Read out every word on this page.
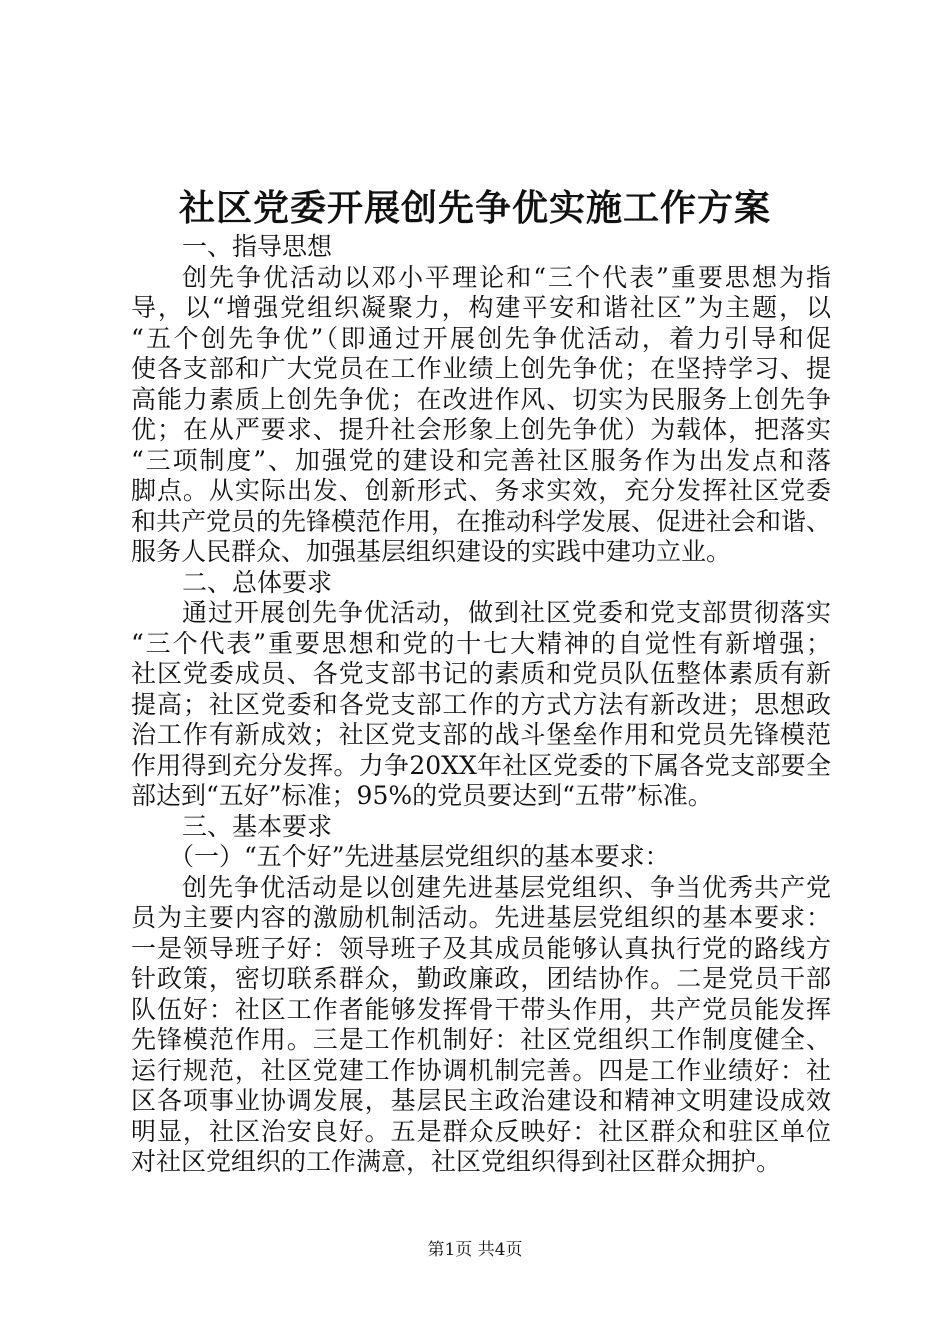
社区党委开展创先争优实施工作方案
一、指导思想
创先争优活动以邓小平理论和“三个代表”重要思想为指
导，以“增强党组织凝聚力，构建平安和谐社区”为主题，以
“五个创先争优”（即通过开展创先争优活动，着力引导和促
使各支部和广大党员在工作业绩上创先争优；在坚持学习、提
高能力素质上创先争优；在改进作风、切实为民服务上创先争
优；在从严要求、提升社会形象上创先争优）为载体，把落实
“三项制度”、加强党的建设和完善社区服务作为出发点和落
脚点。从实际出发、创新形式、务求实效，充分发挥社区党委
和共产党员的先锋模范作用，在推动科学发展、促进社会和谐、
服务人民群众、加强基层组织建设的实践中建功立业。
二、总体要求
通过开展创先争优活动，做到社区党委和党支部贯彻落实
“三个代表”重要思想和党的十七大精神的自觉性有新增强；
社区党委成员、各党支部书记的素质和党员队伍整体素质有新
提高；社区党委和各党支部工作的方式方法有新改进；思想政
治工作有新成效；社区党支部的战斗堡垒作用和党员先锋模范
作用得到充分发挥。力争20XX年社区党委的下属各党支部要全
部达到“五好”标准；95%的党员要达到“五带”标准。
三、基本要求
（一）“五个好”先进基层党组织的基本要求：
创先争优活动是以创建先进基层党组织、争当优秀共产党
员为主要内容的激励机制活动。先进基层党组织的基本要求：
一是领导班子好：领导班子及其成员能够认真执行党的路线方
针政策，密切联系群众，勤政廉政，团结协作。二是党员干部
队伍好：社区工作者能够发挥骨干带头作用，共产党员能发挥
先锋模范作用。三是工作机制好：社区党组织工作制度健全、
运行规范，社区党建工作协调机制完善。四是工作业绩好：社
区各项事业协调发展，基层民主政治建设和精神文明建设成效
明显，社区治安良好。五是群众反映好：社区群众和驻区单位
对社区党组织的工作满意，社区党组织得到社区群众拥护。
第1页 共4页
